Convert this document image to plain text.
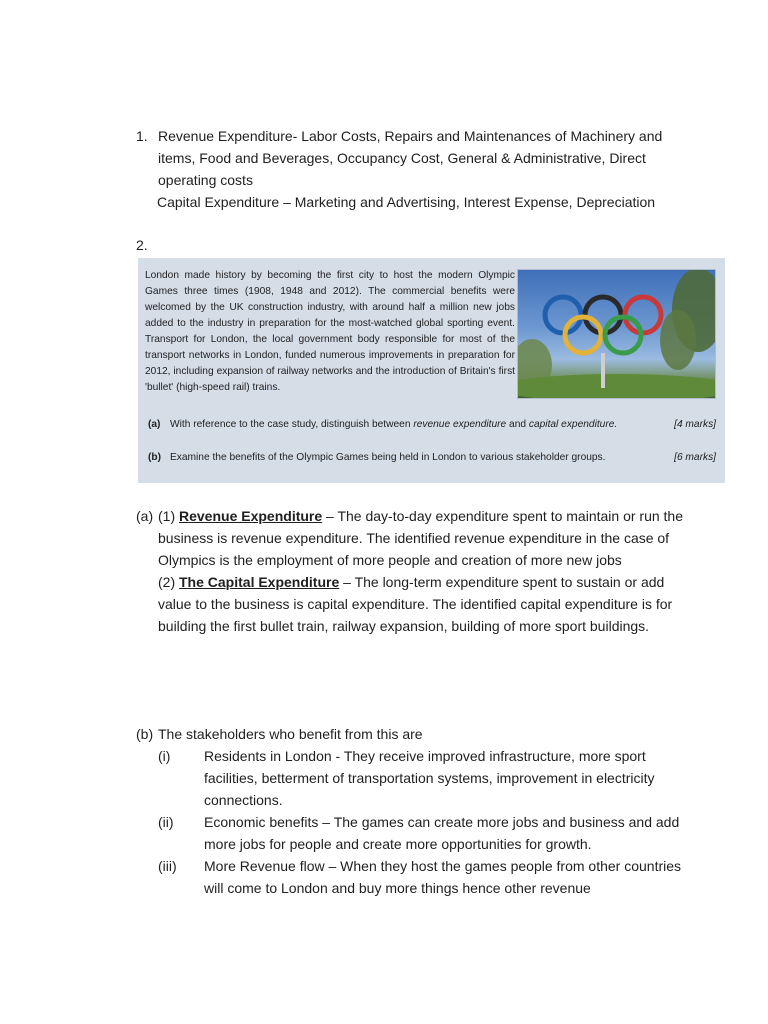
1. Revenue Expenditure- Labor Costs, Repairs and Maintenances of Machinery and items, Food and Beverages, Occupancy Cost, General & Administrative, Direct operating costs

Capital Expenditure – Marketing and Advertising, Interest Expense, Depreciation

2.

London made history by becoming the first city to host the modern Olympic Games three times (1908, 1948 and 2012). The commercial benefits were welcomed by the UK construction industry, with around half a million new jobs added to the industry in preparation for the most-watched global sporting event. Transport for London, the local government body responsible for most of the transport networks in London, funded numerous improvements in preparation for 2012, including expansion of railway networks and the introduction of Britain's first 'bullet' (high-speed rail) trains.

(a) With reference to the case study, distinguish between revenue expenditure and capital expenditure.	[4 marks]
(b) Examine the benefits of the Olympic Games being held in London to various stakeholder groups.	[6 marks]
(a) (1) Revenue Expenditure – The day-to-day expenditure spent to maintain or run the business is revenue expenditure. The identified revenue expenditure in the case of Olympics is the employment of more people and creation of more new jobs

(2) The Capital Expenditure – The long-term expenditure spent to sustain or add value to the business is capital expenditure. The identified capital expenditure is for building the first bullet train, railway expansion, building of more sport buildings.

(b) The stakeholders who benefit from this are

(i) Residents in London - They receive improved infrastructure, more sport facilities, betterment of transportation systems, improvement in electricity connections.

(ii) Economic benefits – The games can create more jobs and business and add more jobs for people and create more opportunities for growth.

(iii) More Revenue flow – When they host the games people from other countries will come to London and buy more things hence other revenue
